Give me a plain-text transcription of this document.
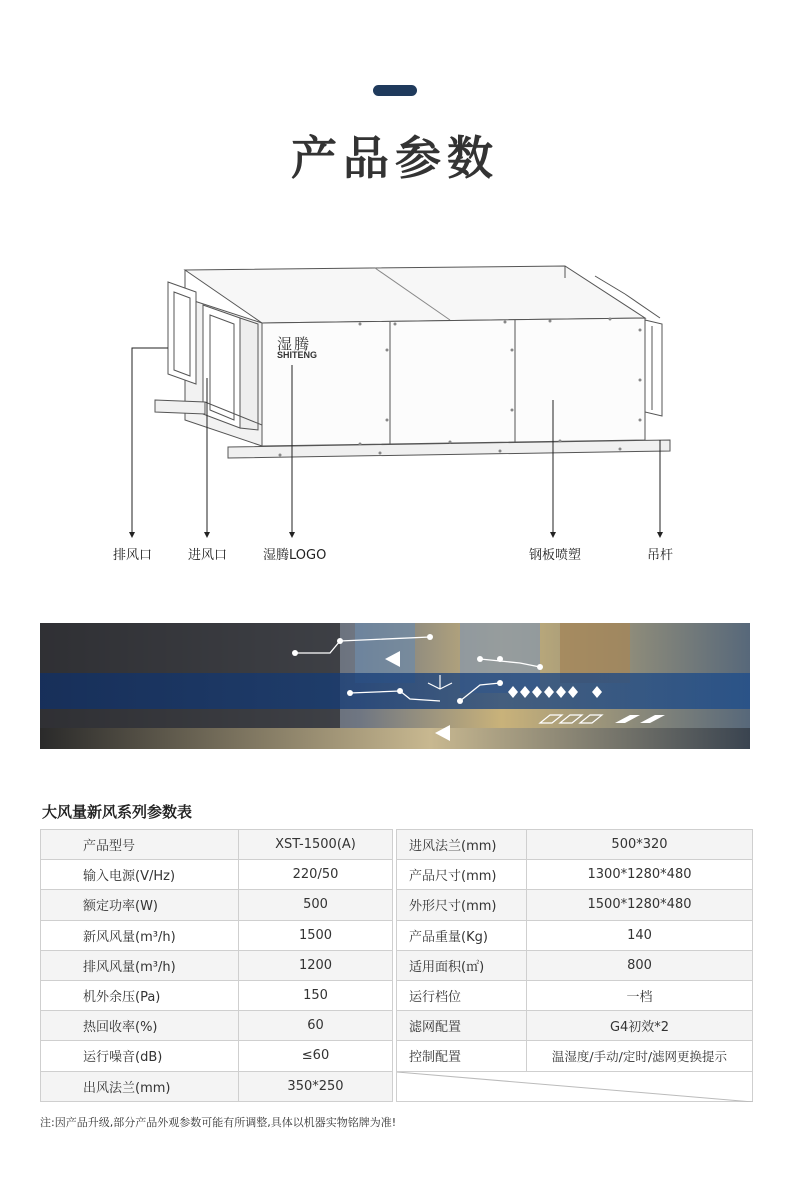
产品参数
湿腾
SHITENG
排风口	进风口	湿腾LOGO	钢板喷塑	吊杆
大风量新风系列参数表
产品型号	XST-1500(A)		进风法兰(mm)	500*320
输入电源(V/Hz)	220/50		产品尺寸(mm)	1300*1280*480
额定功率(W)	500		外形尺寸(mm)	1500*1280*480
新风风量(m³/h)	1500		产品重量(Kg)	140
排风风量(m³/h)	1200		适用面积(㎡)	800
机外余压(Pa)	150		运行档位	一档
热回收率(%)	60		滤网配置	G4初效*2
运行噪音(dB)	≤60		控制配置	温湿度/手动/定时/滤网更换提示
出风法兰(mm)	350*250		
注:因产品升级,部分产品外观参数可能有所调整,具体以机器实物铭牌为准!
